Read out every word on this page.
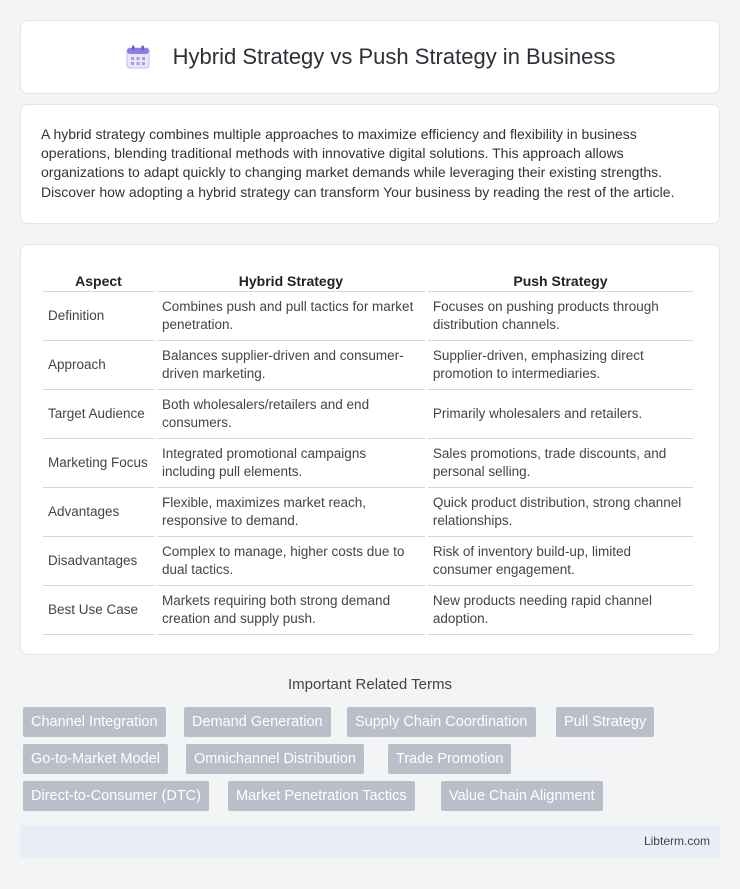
Hybrid Strategy vs Push Strategy in Business

A hybrid strategy combines multiple approaches to maximize efficiency and flexibility in business operations, blending traditional methods with innovative digital solutions. This approach allows organizations to adapt quickly to changing market demands while leveraging their existing strengths. Discover how adopting a hybrid strategy can transform Your business by reading the rest of the article.

Aspect	Hybrid Strategy	Push Strategy
Definition	Combines push and pull tactics for market penetration.	Focuses on pushing products through distribution channels.
Approach	Balances supplier-driven and consumer-driven marketing.	Supplier-driven, emphasizing direct promotion to intermediaries.
Target Audience	Both wholesalers/retailers and end consumers.	Primarily wholesalers and retailers.
Marketing Focus	Integrated promotional campaigns including pull elements.	Sales promotions, trade discounts, and personal selling.
Advantages	Flexible, maximizes market reach, responsive to demand.	Quick product distribution, strong channel relationships.
Disadvantages	Complex to manage, higher costs due to dual tactics.	Risk of inventory build-up, limited consumer engagement.
Best Use Case	Markets requiring both strong demand creation and supply push.	New products needing rapid channel adoption.
Important Related Terms
Channel Integration	Demand Generation	Supply Chain Coordination	Pull Strategy
Go-to-Market Model	Omnichannel Distribution	Trade Promotion
Direct-to-Consumer (DTC)	Market Penetration Tactics	Value Chain Alignment
Libterm.com
